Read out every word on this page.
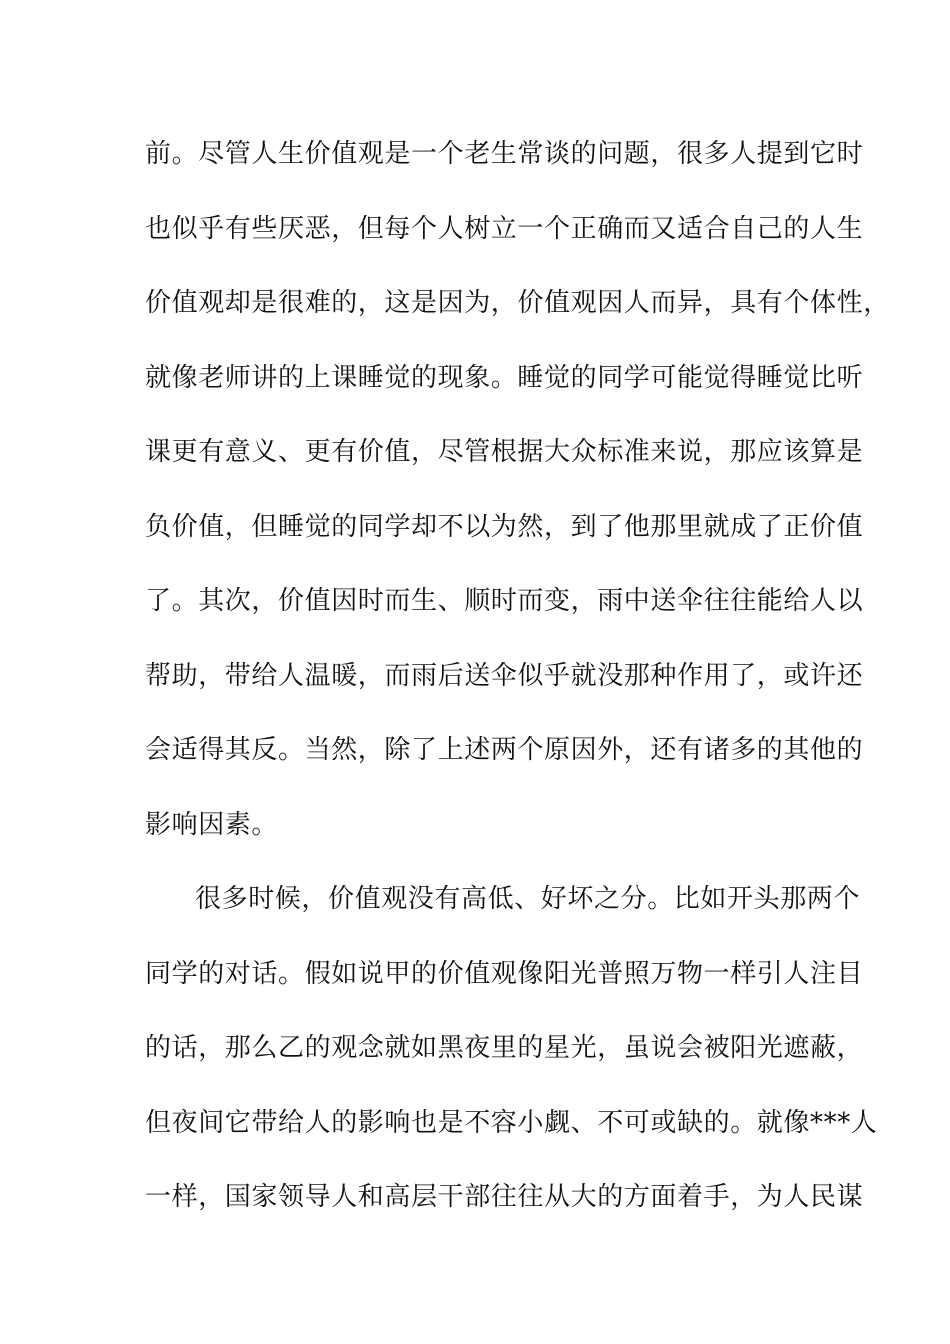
前。尽管人生价值观是一个老生常谈的问题，很多人提到它时
也似乎有些厌恶，但每个人树立一个正确而又适合自己的人生
价值观却是很难的，这是因为，价值观因人而异，具有个体性，
就像老师讲的上课睡觉的现象。睡觉的同学可能觉得睡觉比听
课更有意义、更有价值，尽管根据大众标准来说，那应该算是
负价值，但睡觉的同学却不以为然，到了他那里就成了正价值
了。其次，价值因时而生、顺时而变，雨中送伞往往能给人以
帮助，带给人温暖，而雨后送伞似乎就没那种作用了，或许还
会适得其反。当然，除了上述两个原因外，还有诸多的其他的
影响因素。
很多时候，价值观没有高低、好坏之分。比如开头那两个
同学的对话。假如说甲的价值观像阳光普照万物一样引人注目
的话，那么乙的观念就如黑夜里的星光，虽说会被阳光遮蔽，
但夜间它带给人的影响也是不容小觑、不可或缺的。就像***人
一样，国家领导人和高层干部往往从大的方面着手，为人民谋
